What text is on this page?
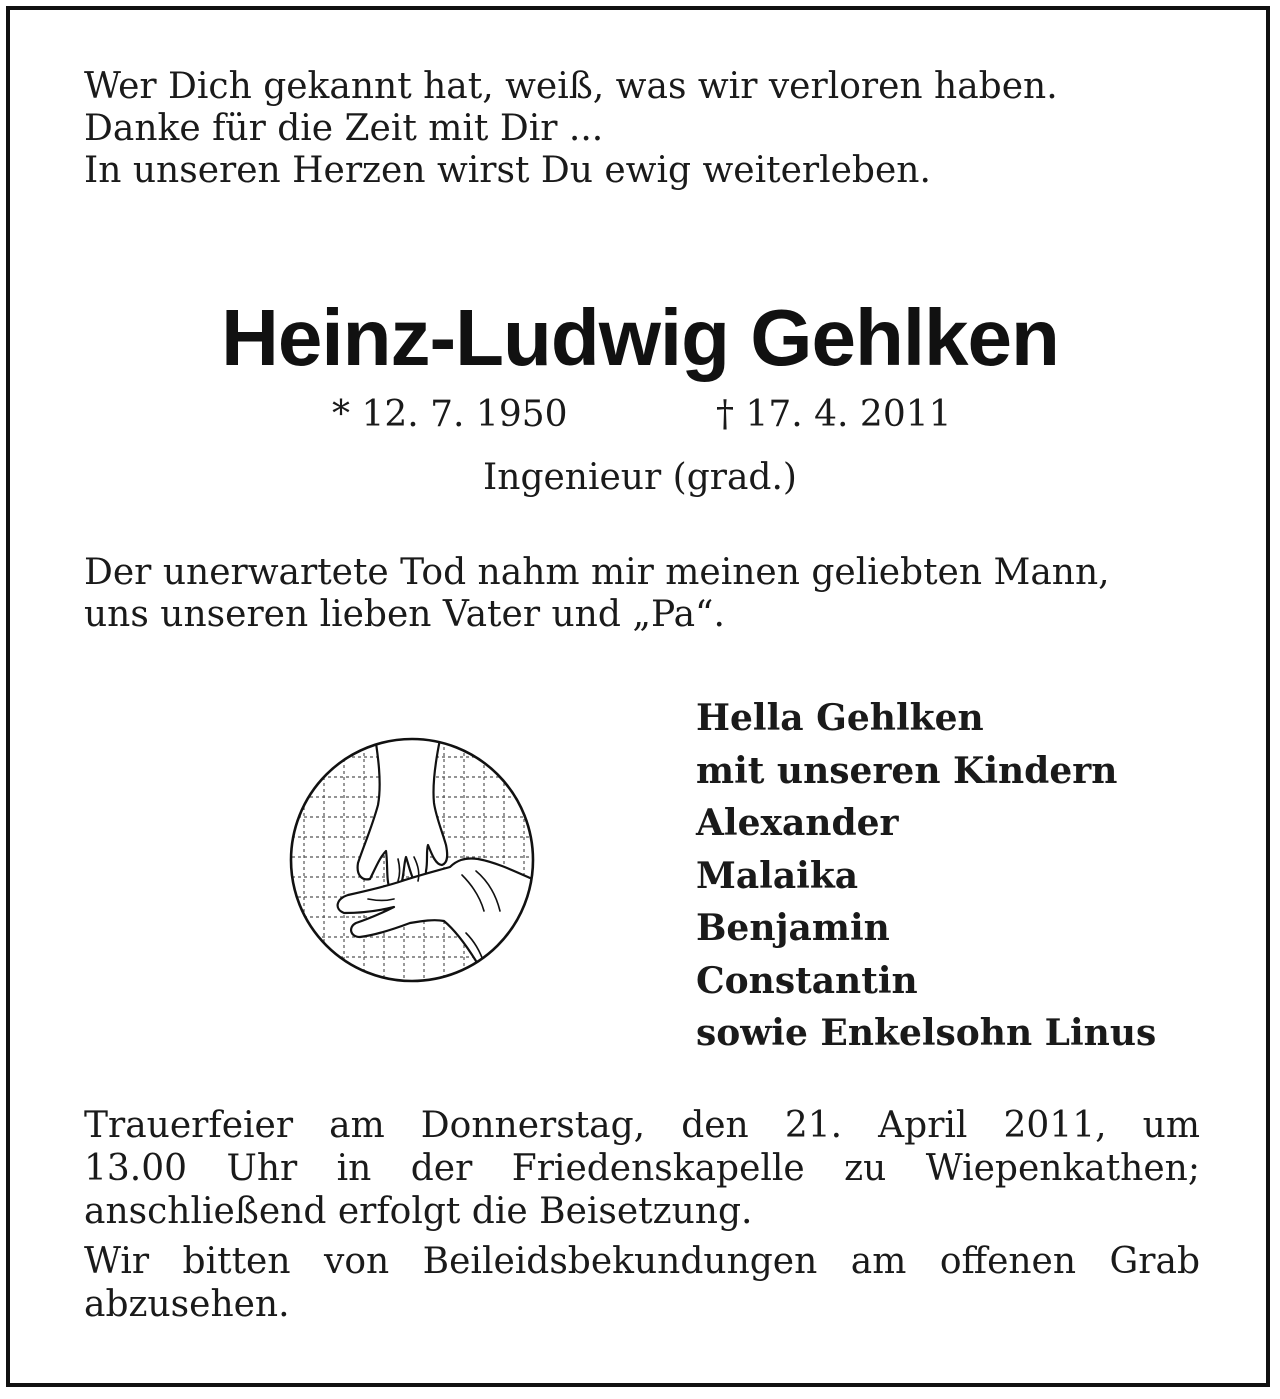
Wer Dich gekannt hat, weiß, was wir verloren haben.
Danke für die Zeit mit Dir ...
In unseren Herzen wirst Du ewig weiterleben.
Heinz-Ludwig Gehlken
* 12. 7. 1950	† 17. 4. 2011
Ingenieur (grad.)
Der unerwartete Tod nahm mir meinen geliebten Mann,
uns unseren lieben Vater und „Pa“.
Hella Gehlken
mit unseren Kindern
Alexander
Malaika
Benjamin
Constantin
sowie Enkelsohn Linus
Trauerfeier am Donnerstag, den 21. April 2011, um
13.00 Uhr in der Friedenskapelle zu Wiepenkathen;
anschließend erfolgt die Beisetzung.
Wir bitten von Beileidsbekundungen am offenen Grab
abzusehen.
